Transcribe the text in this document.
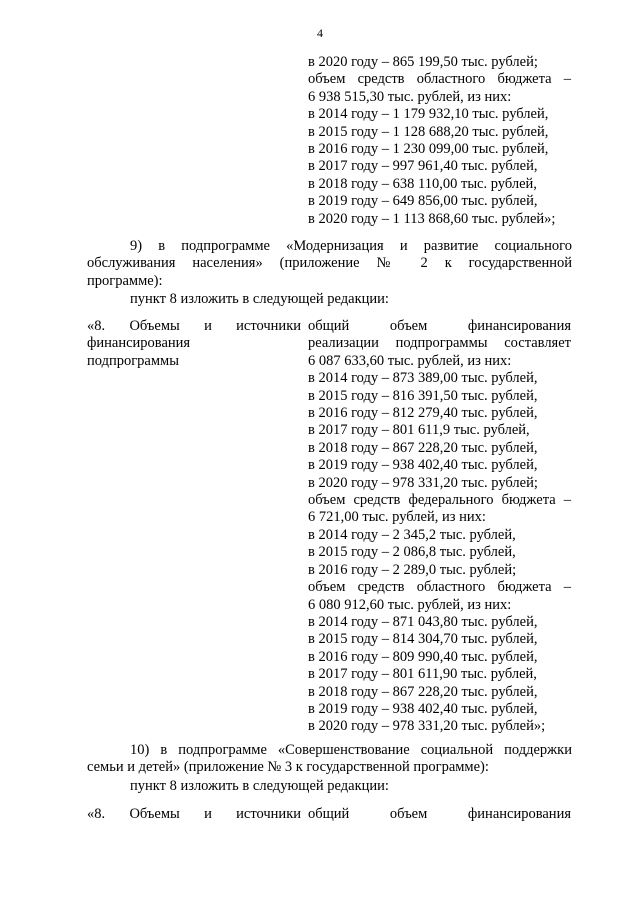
4
в 2020 году – 865 199,50 тыс. рублей;
объем средств областного бюджета –
6 938 515,30 тыс. рублей, из них:
в 2014 году – 1 179 932,10 тыс. рублей,
в 2015 году – 1 128 688,20 тыс. рублей,
в 2016 году – 1 230 099,00 тыс. рублей,
в 2017 году – 997 961,40 тыс. рублей,
в 2018 году – 638 110,00 тыс. рублей,
в 2019 году – 649 856,00 тыс. рублей,
в 2020 году – 1 113 868,60 тыс. рублей»;
9) в подпрограмме «Модернизация и развитие социального
обслуживания населения» (приложение № 2 к государственной
программе):
пункт 8 изложить в следующей редакции:
«8. Объемы и источники
финансирования
подпрограммы
общий объем финансирования
реализации подпрограммы составляет
6 087 633,60 тыс. рублей, из них:
в 2014 году – 873 389,00 тыс. рублей,
в 2015 году – 816 391,50 тыс. рублей,
в 2016 году – 812 279,40 тыс. рублей,
в 2017 году – 801 611,9 тыс. рублей,
в 2018 году – 867 228,20 тыс. рублей,
в 2019 году – 938 402,40 тыс. рублей,
в 2020 году – 978 331,20 тыс. рублей;
объем средств федерального бюджета –
6 721,00 тыс. рублей, из них:
в 2014 году – 2 345,2 тыс. рублей,
в 2015 году – 2 086,8 тыс. рублей,
в 2016 году – 2 289,0 тыс. рублей;
объем средств областного бюджета –
6 080 912,60 тыс. рублей, из них:
в 2014 году – 871 043,80 тыс. рублей,
в 2015 году – 814 304,70 тыс. рублей,
в 2016 году – 809 990,40 тыс. рублей,
в 2017 году – 801 611,90 тыс. рублей,
в 2018 году – 867 228,20 тыс. рублей,
в 2019 году – 938 402,40 тыс. рублей,
в 2020 году – 978 331,20 тыс. рублей»;
10) в подпрограмме «Совершенствование социальной поддержки
семьи и детей» (приложение № 3 к государственной программе):
пункт 8 изложить в следующей редакции:
«8. Объемы и источники общий объем финансирования
